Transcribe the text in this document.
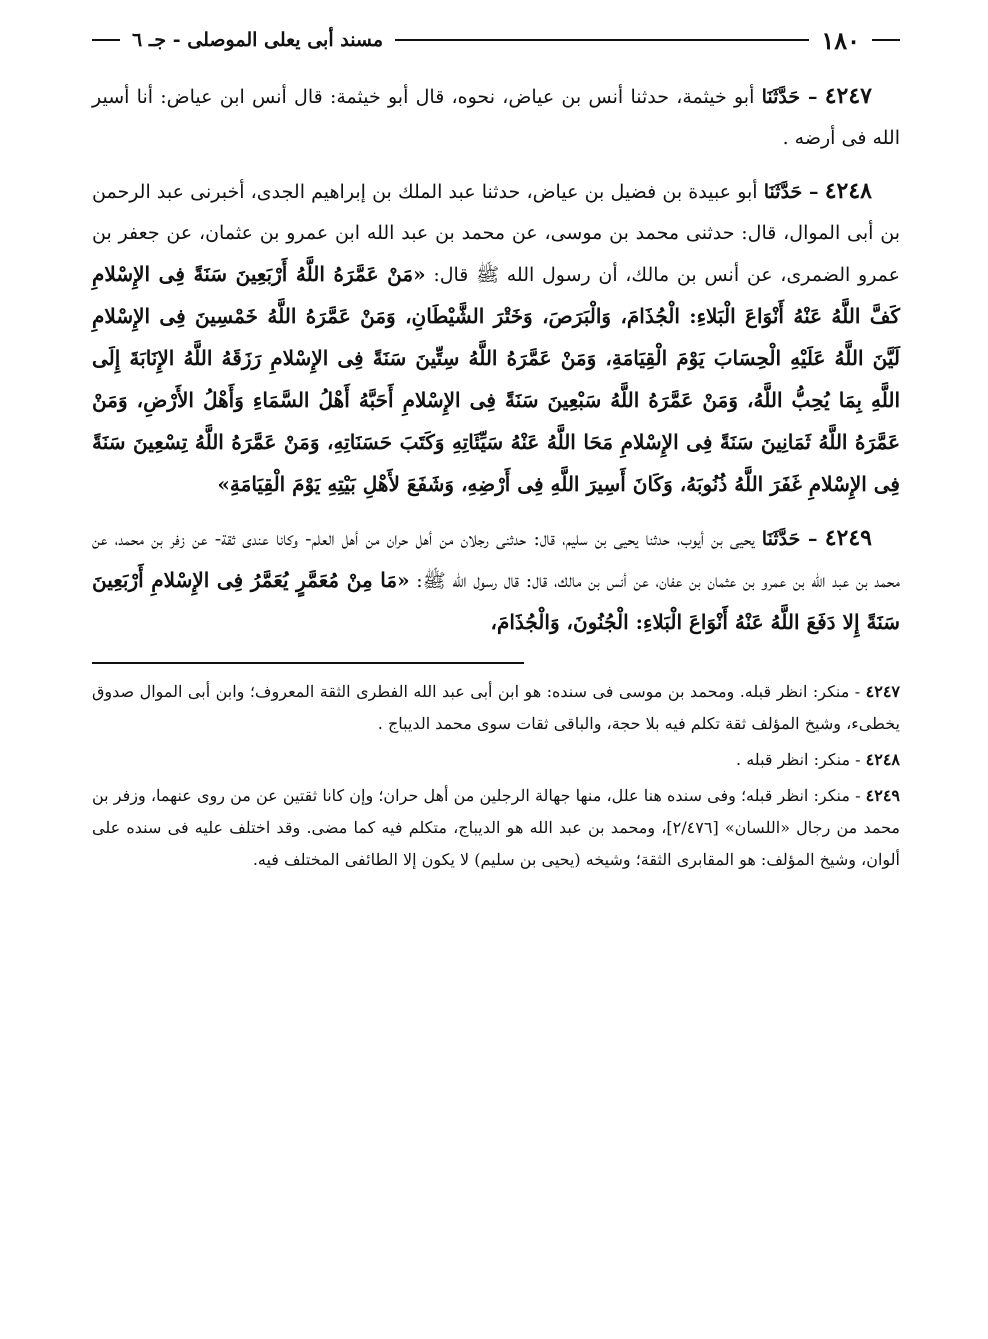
١٨٠
مسند أبى يعلى الموصلى - جـ ٦

٤٢٤٧ – حَدَّثَنَا أبو خيثمة، حدثنا أنس بن عياض، نحوه، قال أبو خيثمة: قال أنس ابن عياض: أنا أسير الله فى أرضه .

٤٢٤٨ – حَدَّثَنَا أبو عبيدة بن فضيل بن عياض، حدثنا عبد الملك بن إبراهيم الجدى، أخبرنى عبد الرحمن بن أبى الموال، قال: حدثنى محمد بن موسى، عن محمد بن عبد الله ابن عمرو بن عثمان، عن جعفر بن عمرو الضمرى، عن أنس بن مالك، أن رسول الله ﷺ قال: «مَنْ عَمَّرَهُ اللَّهُ أَرْبَعِينَ سَنَةً فِى الإِسْلامِ كَفَّ اللَّهُ عَنْهُ أَنْوَاعَ الْبَلاءِ: الْجُذَامَ، وَالْبَرَصَ، وَخَتْرَ الشَّيْطَانِ، وَمَنْ عَمَّرَهُ اللَّهُ خَمْسِينَ فِى الإِسْلامِ لَيَّنَ اللَّهُ عَلَيْهِ الْحِسَابَ يَوْمَ الْقِيَامَةِ، وَمَنْ عَمَّرَهُ اللَّهُ سِتِّينَ سَنَةً فِى الإِسْلامِ رَزَقَهُ اللَّهُ الإِنَابَةَ إِلَى اللَّهِ بِمَا يُحِبُّ اللَّهُ، وَمَنْ عَمَّرَهُ اللَّهُ سَبْعِينَ سَنَةً فِى الإِسْلامِ أَحَبَّهُ أَهْلُ السَّمَاءِ وَأَهْلُ الأَرْضِ، وَمَنْ عَمَّرَهُ اللَّهُ ثَمَانِينَ سَنَةً فِى الإِسْلامِ مَحَا اللَّهُ عَنْهُ سَيِّئَاتِهِ وَكَتَبَ حَسَنَاتِهِ، وَمَنْ عَمَّرَهُ اللَّهُ تِسْعِينَ سَنَةً فِى الإِسْلامِ غَفَرَ اللَّهُ ذُنُوبَهُ، وَكَانَ أَسِيرَ اللَّهِ فِى أَرْضِهِ، وَشَفَعَ لأَهْلِ بَيْتِهِ يَوْمَ الْقِيَامَةِ»

٤٢٤٩ – حَدَّثَنَا يحيى بن أيوب، حدثنا يحيى بن سليم، قال: حدثنى رجلان من أهل حران من أهل العلم- وكانا عندى ثقة- عن زفر بن محمد، عن محمد بن عبد الله بن عمرو بن عثمان بن عفان، عن أنس بن مالك، قال: قال رسول الله ﷺ: «مَا مِنْ مُعَمَّرٍ يُعَمَّرُ فِى الإِسْلامِ أَرْبَعِينَ سَنَةً إِلا دَفَعَ اللَّهُ عَنْهُ أَنْوَاعَ الْبَلاءِ: الْجُنُونَ، وَالْجُذَامَ،

٤٢٤٧ - منكر: انظر قبله. ومحمد بن موسى فى سنده: هو ابن أبى عبد الله الفطرى الثقة المعروف؛ وابن أبى الموال صدوق يخطىء، وشيخ المؤلف ثقة تكلم فيه بلا حجة، والباقى ثقات سوى محمد الديباج .

٤٢٤٨ - منكر: انظر قبله .

٤٢٤٩ - منكر: انظر قبله؛ وفى سنده هنا علل، منها جهالة الرجلين من أهل حران؛ وإن كانا ثقتين عن من روى عنهما، وزفر بن محمد من رجال «اللسان» [٢/٤٧٦]، ومحمد بن عبد الله هو الديباج، متكلم فيه كما مضى. وقد اختلف عليه فى سنده على ألوان، وشيخ المؤلف: هو المقابرى الثقة؛ وشيخه (يحيى بن سليم) لا يكون إلا الطائفى المختلف فيه.
